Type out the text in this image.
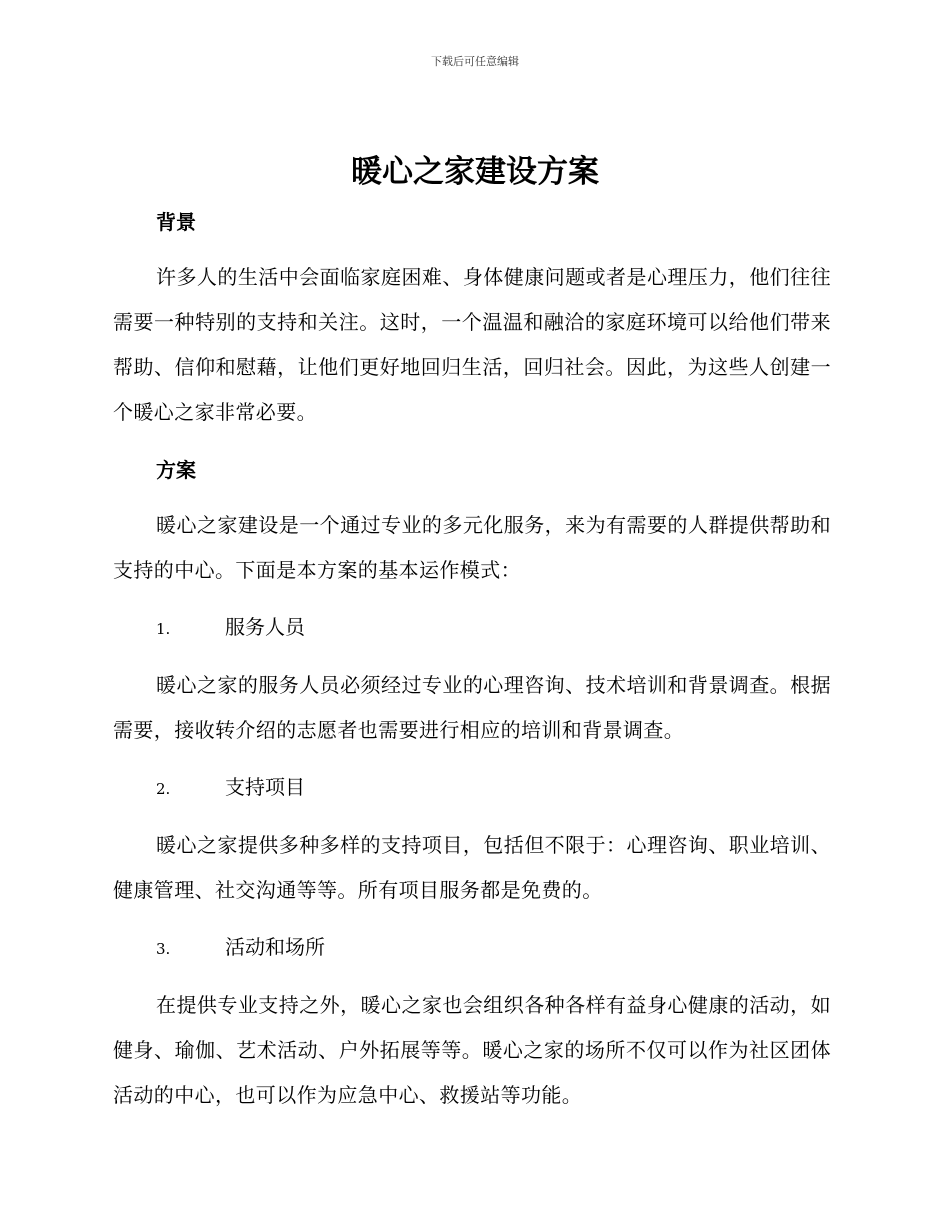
下载后可任意编辑
暖心之家建设方案
背景

许多人的生活中会面临家庭困难、身体健康问题或者是心理压力，他们往往需要一种特别的支持和关注。这时，一个温温和融洽的家庭环境可以给他们带来帮助、信仰和慰藉，让他们更好地回归生活，回归社会。因此，为这些人创建一个暖心之家非常必要。

方案

暖心之家建设是一个通过专业的多元化服务，来为有需要的人群提供帮助和支持的中心。下面是本方案的基本运作模式：

1.	服务人员

暖心之家的服务人员必须经过专业的心理咨询、技术培训和背景调查。根据需要，接收转介绍的志愿者也需要进行相应的培训和背景调查。

2.	支持项目

暖心之家提供多种多样的支持项目，包括但不限于：心理咨询、职业培训、健康管理、社交沟通等等。所有项目服务都是免费的。

3.	活动和场所

在提供专业支持之外，暖心之家也会组织各种各样有益身心健康的活动，如健身、瑜伽、艺术活动、户外拓展等等。暖心之家的场所不仅可以作为社区团体活动的中心，也可以作为应急中心、救援站等功能。
